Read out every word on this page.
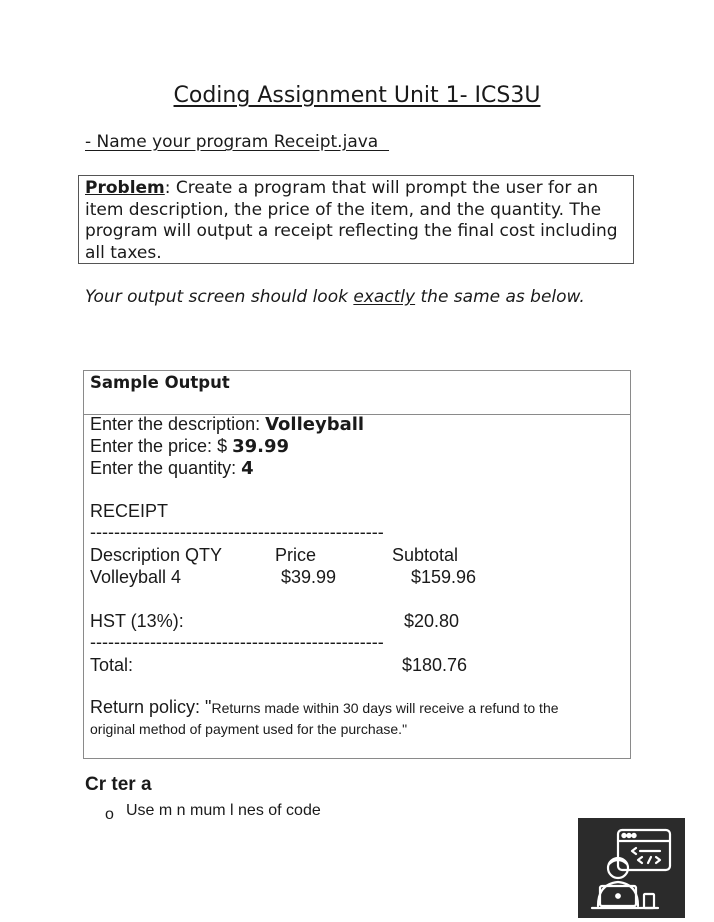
Coding Assignment Unit 1- ICS3U
- Name your program Receipt.java
Problem: Create a program that will prompt the user for an item description, the price of the item, and the quantity. The program will output a receipt reflecting the final cost including all taxes.
Your output screen should look exactly the same as below.
Sample Output
Enter the description: Volleyball
Enter the price: $ 39.99
Enter the quantity: 4
RECEIPT
-------------------------------------------------
Description QTY	Price	Subtotal
Volleyball 4	$39.99	$159.96
HST (13%):	$20.80
-------------------------------------------------
Total:	$180.76
Return policy: "Returns made within 30 days will receive a refund to the
original method of payment used for the purchase."
Cr ter a
o Use m n mum l nes of code
